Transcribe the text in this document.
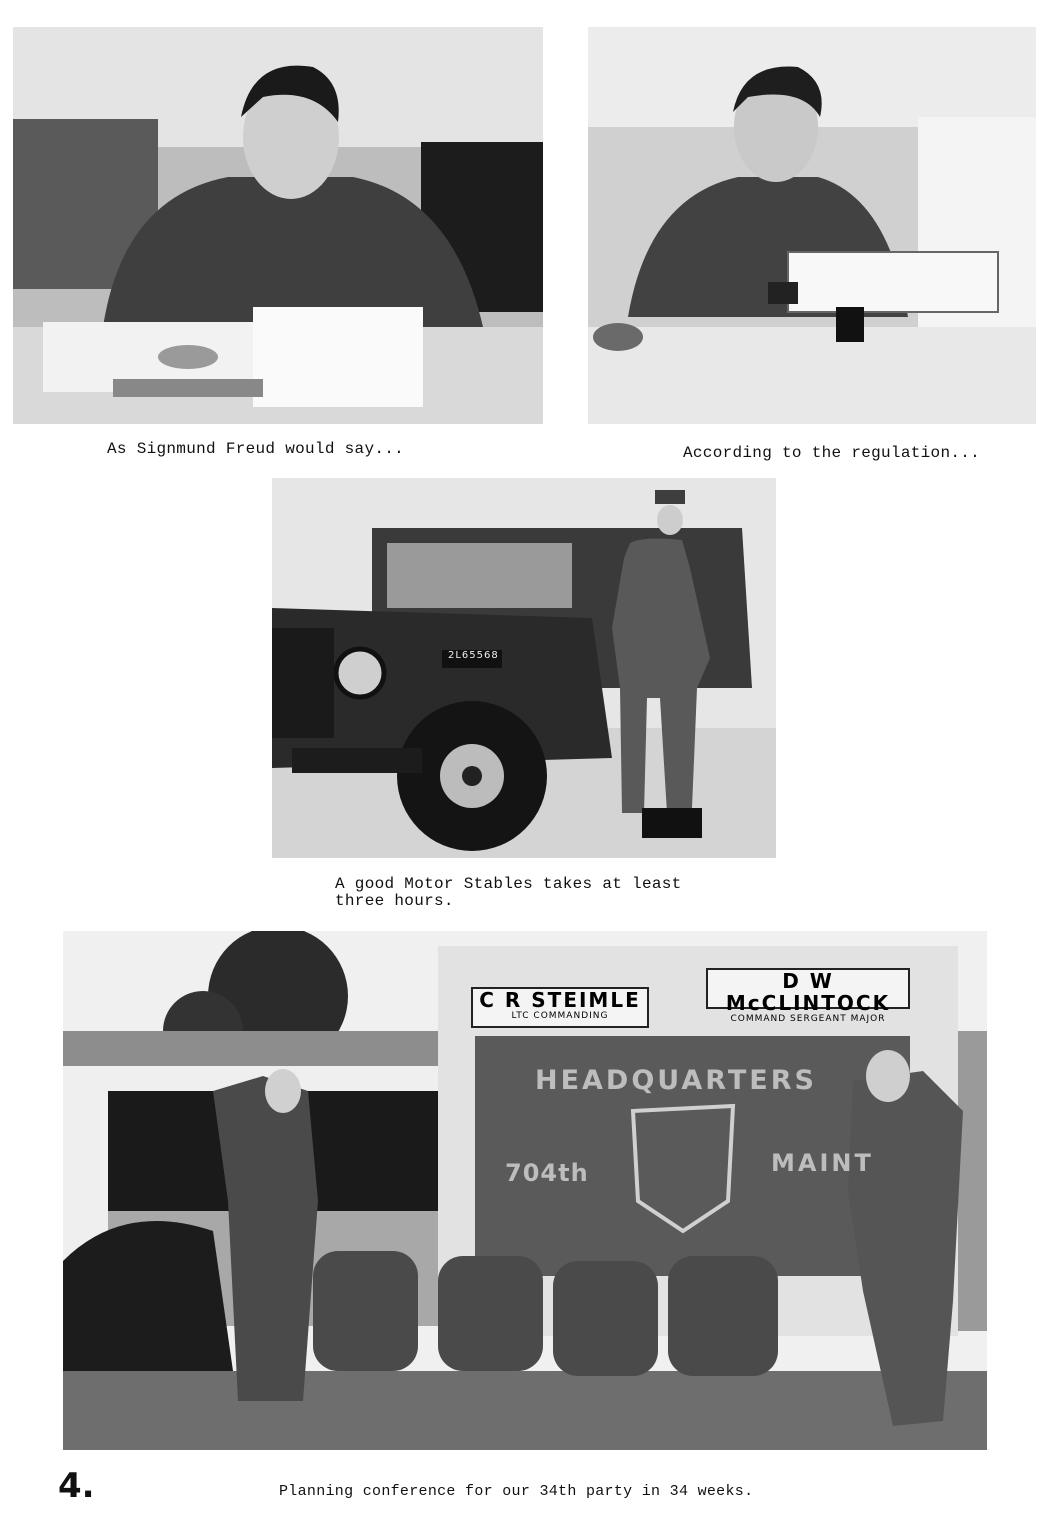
As Signmund Freud would say...	According to the regulation...
2L65568
A good Motor Stables takes at least
three hours.
C R STEIMLE
LTC COMMANDING
D W McCLINTOCK
COMMAND SERGEANT MAJOR
HEADQUARTERS
704th	MAINT
4.	Planning conference for our 34th party in 34 weeks.
